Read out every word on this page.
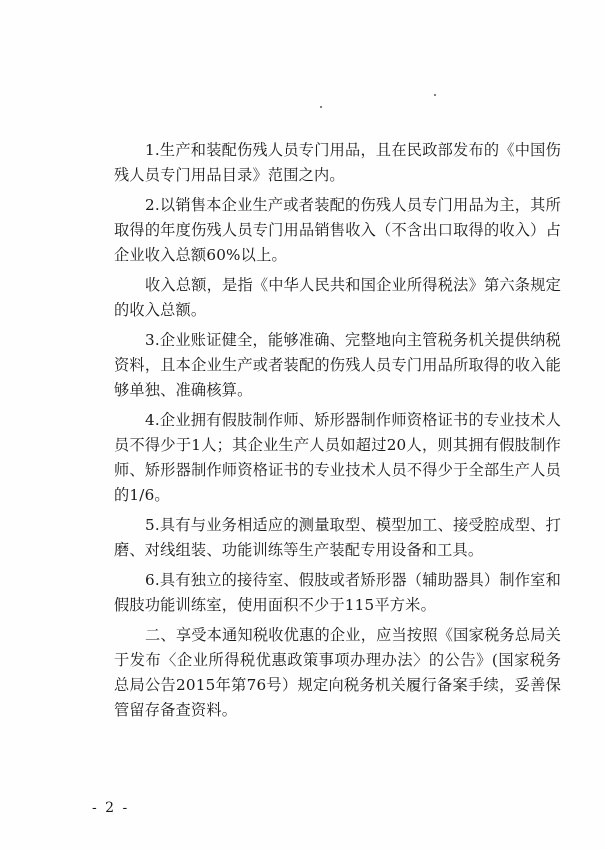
1.生产和装配伤残人员专门用品，且在民政部发布的《中国伤残人员专门用品目录》范围之内。

2.以销售本企业生产或者装配的伤残人员专门用品为主，其所取得的年度伤残人员专门用品销售收入（不含出口取得的收入）占企业收入总额60%以上。

收入总额，是指《中华人民共和国企业所得税法》第六条规定的收入总额。

3.企业账证健全，能够准确、完整地向主管税务机关提供纳税资料，且本企业生产或者装配的伤残人员专门用品所取得的收入能够单独、准确核算。

4.企业拥有假肢制作师、矫形器制作师资格证书的专业技术人员不得少于1人；其企业生产人员如超过20人，则其拥有假肢制作师、矫形器制作师资格证书的专业技术人员不得少于全部生产人员的1/6。

5.具有与业务相适应的测量取型、模型加工、接受腔成型、打磨、对线组装、功能训练等生产装配专用设备和工具。

6.具有独立的接待室、假肢或者矫形器（辅助器具）制作室和假肢功能训练室，使用面积不少于115平方米。

二、享受本通知税收优惠的企业，应当按照《国家税务总局关于发布〈企业所得税优惠政策事项办理办法〉的公告》(国家税务总局公告2015年第76号）规定向税务机关履行备案手续，妥善保管留存备查资料。

- 2 -
